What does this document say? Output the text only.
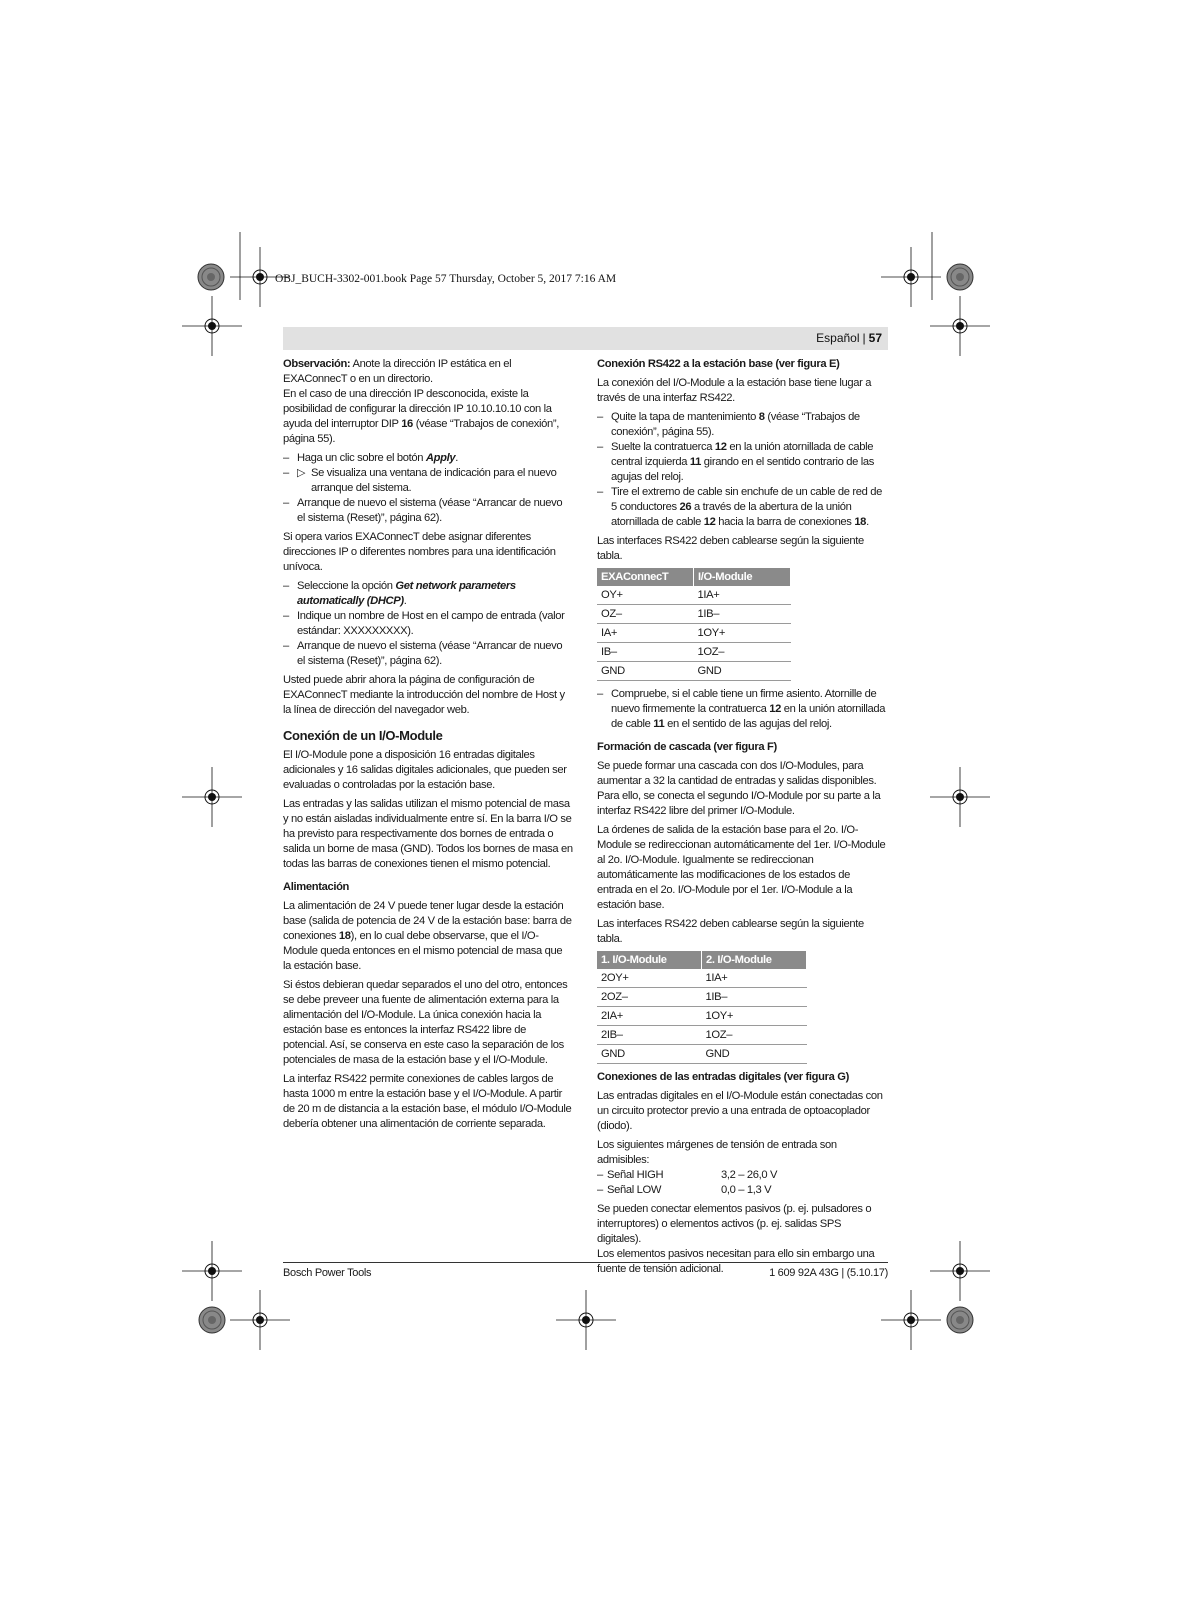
OBJ_BUCH-3302-001.book Page 57 Thursday, October 5, 2017 7:16 AM
Español | 57

Observación: Anote la dirección IP estática en el EXAConnecT o en un directorio.

En el caso de una dirección IP desconocida, existe la posibilidad de configurar la dirección IP 10.10.10.10 con la ayuda del interruptor DIP 16 (véase “Trabajos de conexión”, página 55).

– Haga un clic sobre el botón Apply.
– ▷ Se visualiza una ventana de indicación para el nuevo arranque del sistema.
– Arranque de nuevo el sistema (véase “Arrancar de nuevo el sistema (Reset)”, página 62).

Si opera varios EXAConnecT debe asignar diferentes direcciones IP o diferentes nombres para una identificación unívoca.

– Seleccione la opción Get network parameters automatically (DHCP).
– Indique un nombre de Host en el campo de entrada (valor estándar: XXXXXXXXX).
– Arranque de nuevo el sistema (véase “Arrancar de nuevo el sistema (Reset)”, página 62).

Usted puede abrir ahora la página de configuración de EXAConnecT mediante la introducción del nombre de Host y la línea de dirección del navegador web.

Conexión de un I/O-Module

El I/O-Module pone a disposición 16 entradas digitales adicionales y 16 salidas digitales adicionales, que pueden ser evaluadas o controladas por la estación base.

Las entradas y las salidas utilizan el mismo potencial de masa y no están aisladas individualmente entre sí. En la barra I/O se ha previsto para respectivamente dos bornes de entrada o salida un borne de masa (GND). Todos los bornes de masa en todas las barras de conexiones tienen el mismo potencial.

Alimentación

La alimentación de 24 V puede tener lugar desde la estación base (salida de potencia de 24 V de la estación base: barra de conexiones 18), en lo cual debe observarse, que el I/O-Module queda entonces en el mismo potencial de masa que la estación base.

Si éstos debieran quedar separados el uno del otro, entonces se debe preveer una fuente de alimentación externa para la alimentación del I/O-Module. La única conexión hacia la estación base es entonces la interfaz RS422 libre de potencial. Así, se conserva en este caso la separación de los potenciales de masa de la estación base y el I/O-Module.

La interfaz RS422 permite conexiones de cables largos de hasta 1000 m entre la estación base y el I/O-Module. A partir de 20 m de distancia a la estación base, el módulo I/O-Module debería obtener una alimentación de corriente separada.

Conexión RS422 a la estación base (ver figura E)

La conexión del I/O-Module a la estación base tiene lugar a través de una interfaz RS422.

– Quite la tapa de mantenimiento 8 (véase “Trabajos de conexión”, página 55).
– Suelte la contratuerca 12 en la unión atornillada de cable central izquierda 11 girando en el sentido contrario de las agujas del reloj.
– Tire el extremo de cable sin enchufe de un cable de red de 5 conductores 26 a través de la abertura de la unión atornillada de cable 12 hacia la barra de conexiones 18.

Las interfaces RS422 deben cablearse según la siguiente tabla.

EXAConnecT	I/O-Module
OY+	1IA+
OZ–	1IB–
IA+	1OY+
IB–	1OZ–
GND	GND
– Compruebe, si el cable tiene un firme asiento. Atornille de nuevo firmemente la contratuerca 12 en la unión atornillada de cable 11 en el sentido de las agujas del reloj.
Formación de cascada (ver figura F)

Se puede formar una cascada con dos I/O-Modules, para aumentar a 32 la cantidad de entradas y salidas disponibles. Para ello, se conecta el segundo I/O-Module por su parte a la interfaz RS422 libre del primer I/O-Module.

La órdenes de salida de la estación base para el 2o. I/O-Module se redireccionan automáticamente del 1er. I/O-Module al 2o. I/O-Module. Igualmente se redireccionan automáticamente las modificaciones de los estados de entrada en el 2o. I/O-Module por el 1er. I/O-Module a la estación base.

Las interfaces RS422 deben cablearse según la siguiente tabla.

1. I/O-Module	2. I/O-Module
2OY+	1IA+
2OZ–	1IB–
2IA+	1OY+
2IB–	1OZ–
GND	GND
Conexiones de las entradas digitales (ver figura G)

Las entradas digitales en el I/O-Module están conectadas con un circuito protector previo a una entrada de optoacoplador (diodo).

Los siguientes márgenes de tensión de entrada son admisibles:

– Señal HIGH	3,2 – 26,0 V
– Señal LOW	0,0 – 1,3 V

Se pueden conectar elementos pasivos (p. ej. pulsadores o interruptores) o elementos activos (p. ej. salidas SPS digitales).

Los elementos pasivos necesitan para ello sin embargo una fuente de tensión adicional.

Bosch Power Tools	1 609 92A 43G | (5.10.17)
